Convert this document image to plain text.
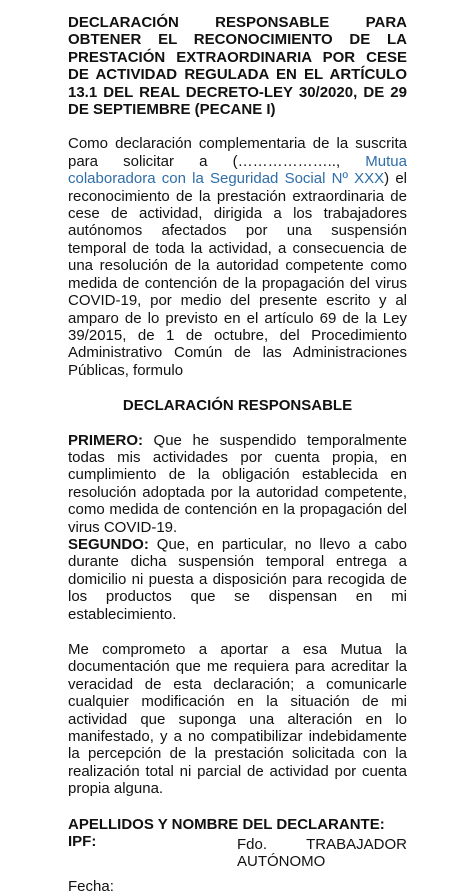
DECLARACIÓN RESPONSABLE PARA OBTENER EL RECONOCIMIENTO DE LA PRESTACIÓN EXTRAORDINARIA POR CESE DE ACTIVIDAD REGULADA EN EL ARTÍCULO 13.1 DEL REAL DECRETO-LEY 30/2020, DE 29 DE SEPTIEMBRE (PECANE I)

Como declaración complementaria de la suscrita para solicitar a (……………….., Mutua colaboradora con la Seguridad Social Nº XXX) el reconocimiento de la prestación extraordinaria de cese de actividad, dirigida a los trabajadores autónomos afectados por una suspensión temporal de toda la actividad, a consecuencia de una resolución de la autoridad competente como medida de contención de la propagación del virus COVID-19, por medio del presente escrito y al amparo de lo previsto en el artículo 69 de la Ley 39/2015, de 1 de octubre, del Procedimiento Administrativo Común de las Administraciones Públicas, formulo

DECLARACIÓN RESPONSABLE

PRIMERO: Que he suspendido temporalmente todas mis actividades por cuenta propia, en cumplimiento de la obligación establecida en resolución adoptada por la autoridad competente, como medida de contención en la propagación del virus COVID-19.

SEGUNDO: Que, en particular, no llevo a cabo durante dicha suspensión temporal entrega a domicilio ni puesta a disposición para recogida de los productos que se dispensan en mi establecimiento.

Me comprometo a aportar a esa Mutua la documentación que me requiera para acreditar la veracidad de esta declaración; a comunicarle cualquier modificación en la situación de mi actividad que suponga una alteración en lo manifestado, y a no compatibilizar indebidamente la percepción de la prestación solicitada con la realización total ni parcial de actividad por cuenta propia alguna.

APELLIDOS Y NOMBRE DEL DECLARANTE:

IPF:

Fecha:

Fdo.	TRABAJADOR
AUTÓNOMO
